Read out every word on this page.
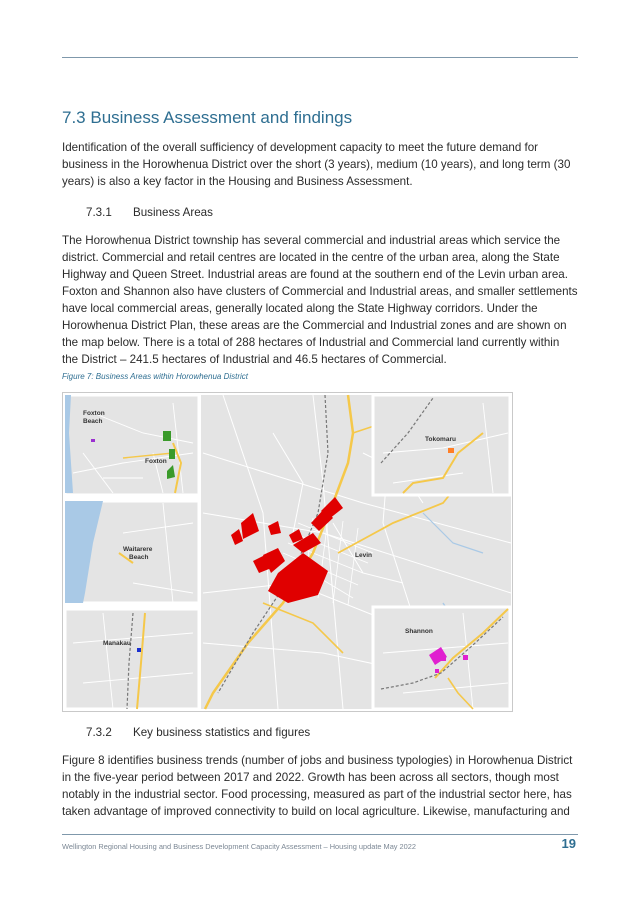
7.3 Business Assessment and findings

Identification of the overall sufficiency of development capacity to meet the future demand for business in the Horowhenua District over the short (3 years), medium (10 years), and long term (30 years) is also a key factor in the Housing and Business Assessment.

7.3.1 Business Areas

The Horowhenua District township has several commercial and industrial areas which service the district. Commercial and retail centres are located in the centre of the urban area, along the State Highway and Queen Street. Industrial areas are found at the southern end of the Levin urban area. Foxton and Shannon also have clusters of Commercial and Industrial areas, and smaller settlements have local commercial areas, generally located along the State Highway corridors. Under the Horowhenua District Plan, these areas are the Commercial and Industrial zones and are shown on the map below. There is a total of 288 hectares of Industrial and Commercial land currently within the District – 241.5 hectares of Industrial and 46.5 hectares of Commercial.

Figure 7: Business Areas within Horowhenua District
Levin
Foxton
Beach
Foxton
Tokomaru
Waitarere
Beach
Manakau
Shannon
7.3.2 Key business statistics and figures

Figure 8 identifies business trends (number of jobs and business typologies) in Horowhenua District in the five-year period between 2017 and 2022. Growth has been across all sectors, though most notably in the industrial sector. Food processing, measured as part of the industrial sector here, has taken advantage of improved connectivity to build on local agriculture. Likewise, manufacturing and

Wellington Regional Housing and Business Development Capacity Assessment – Housing update May 2022	19
